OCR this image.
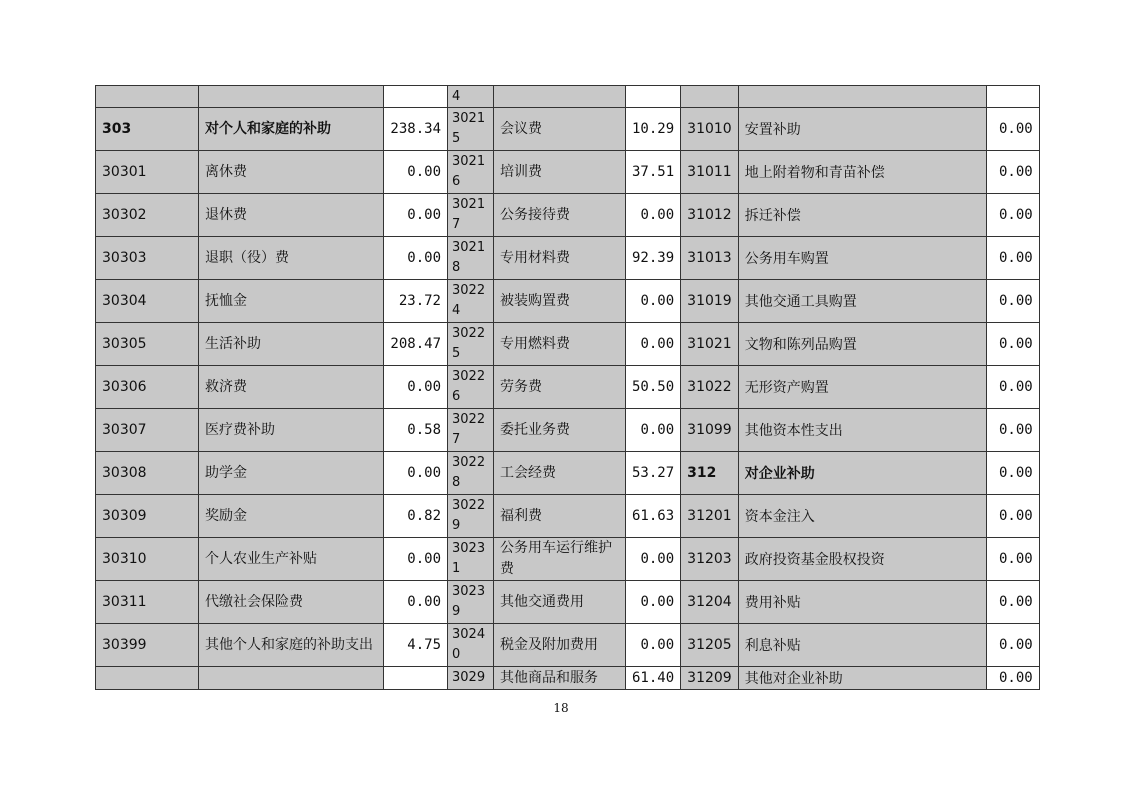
			4					
303	对个人和家庭的补助	238.34	30215	会议费	10.29	31010	安置补助	0.00
30301	离休费	0.00	30216	培训费	37.51	31011	地上附着物和青苗补偿	0.00
30302	退休费	0.00	30217	公务接待费	0.00	31012	拆迁补偿	0.00
30303	退职（役）费	0.00	30218	专用材料费	92.39	31013	公务用车购置	0.00
30304	抚恤金	23.72	30224	被装购置费	0.00	31019	其他交通工具购置	0.00
30305	生活补助	208.47	30225	专用燃料费	0.00	31021	文物和陈列品购置	0.00
30306	救济费	0.00	30226	劳务费	50.50	31022	无形资产购置	0.00
30307	医疗费补助	0.58	30227	委托业务费	0.00	31099	其他资本性支出	0.00
30308	助学金	0.00	30228	工会经费	53.27	312	对企业补助	0.00
30309	奖励金	0.82	30229	福利费	61.63	31201	资本金注入	0.00
30310	个人农业生产补贴	0.00	30231	公务用车运行维护费	0.00	31203	政府投资基金股权投资	0.00
30311	代缴社会保险费	0.00	30239	其他交通费用	0.00	31204	费用补贴	0.00
30399	其他个人和家庭的补助支出	4.75	30240	税金及附加费用	0.00	31205	利息补贴	0.00
			3029	其他商品和服务	61.40	31209	其他对企业补助	0.00
18
